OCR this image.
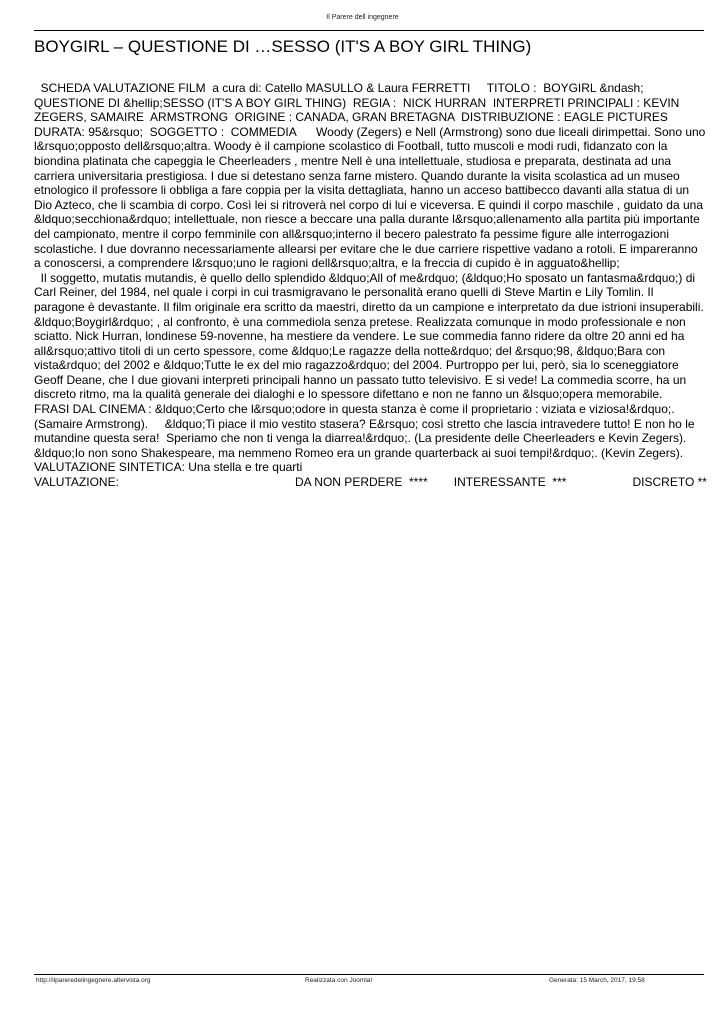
Il Parere dell ingegnere
BOYGIRL – QUESTIONE DI …SESSO (IT'S A BOY GIRL THING)

SCHEDA VALUTAZIONE FILM  a cura di: Catello MASULLO & Laura FERRETTI     TITOLO :  BOYGIRL &ndash; QUESTIONE DI &hellip;SESSO (IT'S A BOY GIRL THING)  REGIA :  NICK HURRAN  INTERPRETI PRINCIPALI : KEVIN  ZEGERS, SAMAIRE  ARMSTRONG  ORIGINE : CANADA, GRAN BRETAGNA  DISTRIBUZIONE : EAGLE PICTURES   DURATA: 95&rsquo;  SOGGETTO :  COMMEDIA      Woody (Zegers) e Nell (Armstrong) sono due liceali dirimpettai. Sono uno l&rsquo;opposto dell&rsquo;altra. Woody è il campione scolastico di Football, tutto muscoli e modi rudi, fidanzato con la biondina platinata che capeggia le Cheerleaders , mentre Nell è una intellettuale, studiosa e preparata, destinata ad una carriera universitaria prestigiosa. I due si detestano senza farne mistero. Quando durante la visita scolastica ad un museo etnologico il professore li obbliga a fare coppia per la visita dettagliata, hanno un acceso battibecco davanti alla statua di un Dio Azteco, che li scambia di corpo. Così lei si ritroverà nel corpo di lui e viceversa. E quindi il corpo maschile , guidato da una &ldquo;secchiona&rdquo; intellettuale, non riesce a beccare una palla durante l&rsquo;allenamento alla partita più importante del campionato, mentre il corpo femminile con all&rsquo;interno il becero palestrato fa pessime figure alle interrogazioni scolastiche. I due dovranno necessariamente allearsi per evitare che le due carriere rispettive vadano a rotoli. E impareranno a conoscersi, a comprendere l&rsquo;uno le ragioni dell&rsquo;altra, e la freccia di cupido è in agguato&hellip;

Il soggetto, mutatis mutandis, è quello dello splendido &ldquo;All of me&rdquo; (&ldquo;Ho sposato un fantasma&rdquo;) di Carl Reiner, del 1984, nel quale i corpi in cui trasmigravano le personalità erano quelli di Steve Martin e Lily Tomlin. Il paragone è devastante. Il film originale era scritto da maestri, diretto da un campione e interpretato da due istrioni insuperabili. &ldquo;Boygirl&rdquo; , al confronto, è una commediola senza pretese. Realizzata comunque in modo professionale e non sciatto. Nick Hurran, londinese 59-novenne, ha mestiere da vendere. Le sue commedia fanno ridere da oltre 20 anni ed ha all&rsquo;attivo titoli di un certo spessore, come &ldquo;Le ragazze della notte&rdquo; del &rsquo;98, &ldquo;Bara con vista&rdquo; del 2002 e &ldquo;Tutte le ex del mio ragazzo&rdquo; del 2004. Purtroppo per lui, però, sia lo sceneggiatore Geoff Deane, che I due giovani interpreti principali hanno un passato tutto televisivo. E si vede! La commedia scorre, ha un discreto ritmo, ma la qualità generale dei dialoghi e lo spessore difettano e non ne fanno un &lsquo;opera memorabile.      FRASI DAL CINEMA : &ldquo;Certo che l&rsquo;odore in questa stanza è come il proprietario : viziata e viziosa!&rdquo;. (Samaire Armstrong).     &ldquo;Ti piace il mio vestito stasera? E&rsquo; così stretto che lascia intravedere tutto! E non ho le mutandine questa sera!  Speriamo che non ti venga la diarrea!&rdquo;. (La presidente delle Cheerleaders e Kevin Zegers).     &ldquo;Io non sono Shakespeare, ma nemmeno Romeo era un grande quarterback ai suoi tempi!&rdquo;. (Kevin Zegers).        VALUTAZIONE SINTETICA: Una stella e tre quarti

VALUTAZIONE:	DA NON PERDERE  **** INTERESSANTE  ***	DISCRETO **
http://ilpareredelingegnere.altervista.org	Realizzata con Joomla!	Generata: 15 March, 2017, 19:58
